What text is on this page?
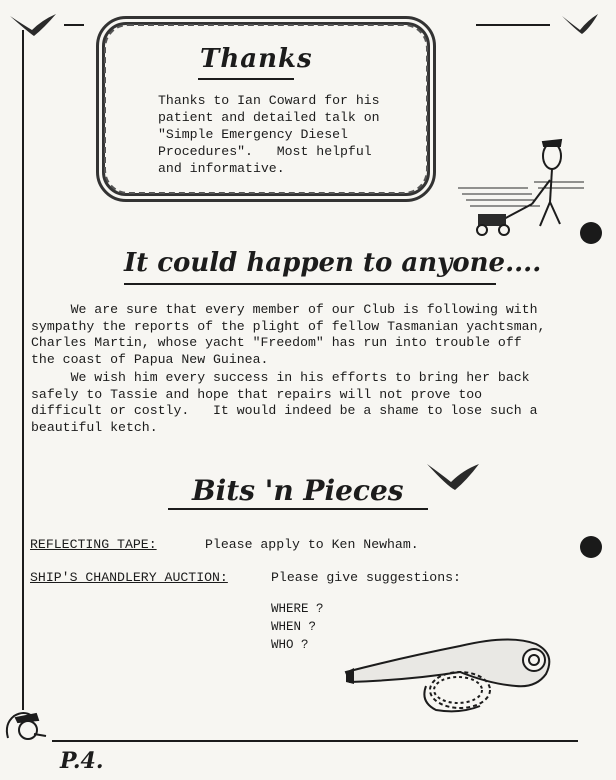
Thanks
Thanks to Ian Coward for his
patient and detailed talk on
"Simple Emergency Diesel
Procedures".   Most helpful
and informative.
It could happen to anyone....
We are sure that every member of our Club is following with
sympathy the reports of the plight of fellow Tasmanian yachtsman,
Charles Martin, whose yacht "Freedom" has run into trouble off
the coast of Papua New Guinea.
We wish him every success in his efforts to bring her back
safely to Tassie and hope that repairs will not prove too
difficult or costly.   It would indeed be a shame to lose such a
beautiful ketch.
Bits 'n Pieces
REFLECTING TAPE:	Please apply to Ken Newham.
SHIP'S CHANDLERY AUCTION:	Please give suggestions:
WHERE ?
WHEN ?
WHO ?
P.4.
